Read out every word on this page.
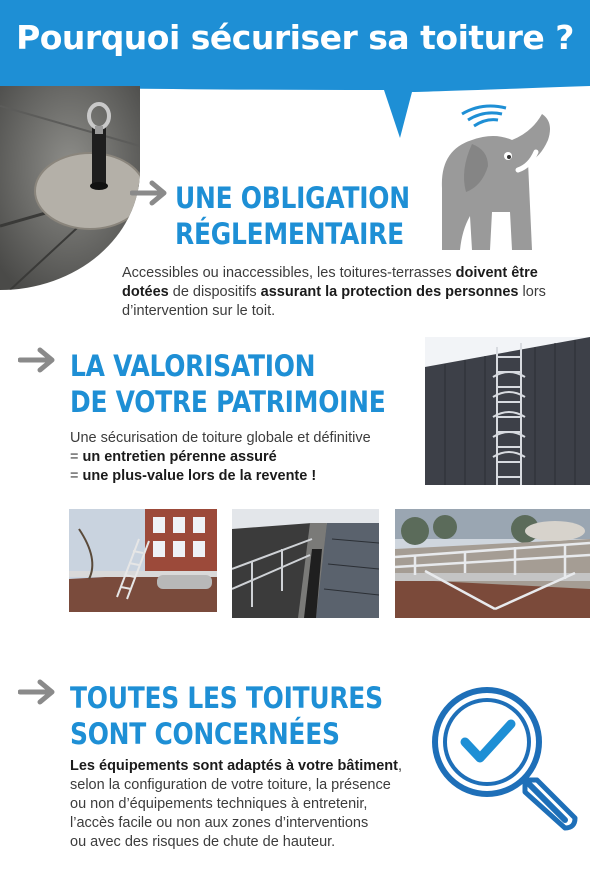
Pourquoi sécuriser sa toiture ?
UNE OBLIGATION
RÉGLEMENTAIRE
Accessibles ou inaccessibles, les toitures-terrasses doivent être
dotées de dispositifs assurant la protection des personnes lors
d’intervention sur le toit.
LA VALORISATION
DE VOTRE PATRIMOINE
Une sécurisation de toiture globale et définitive
= un entretien pérenne assuré
= une plus-value lors de la revente !
TOUTES LES TOITURES
SONT CONCERNÉES
Les équipements sont adaptés à votre bâtiment,
selon la configuration de votre toiture, la présence
ou non d’équipements techniques à entretenir,
l’accès facile ou non aux zones d’interventions
ou avec des risques de chute de hauteur.
